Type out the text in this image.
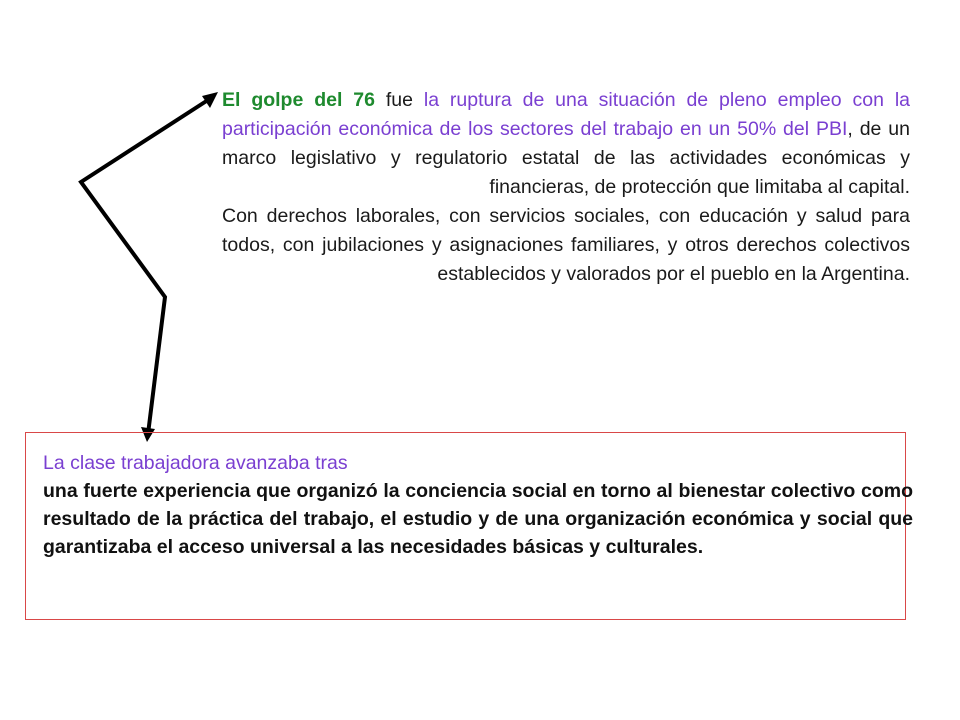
El golpe del 76 fue la ruptura de una situación de pleno empleo con la participación económica de los sectores del trabajo en un 50% del PBI, de un marco legislativo y regulatorio estatal de las actividades económicas y financieras, de protección que limitaba al capital.

Con derechos laborales, con servicios sociales, con educación y salud para todos, con jubilaciones y asignaciones familiares, y otros derechos colectivos establecidos y valorados por el pueblo en la Argentina.

La clase trabajadora avanzaba tras

una fuerte experiencia que organizó la conciencia social en torno al bienestar colectivo como resultado de la práctica del trabajo, el estudio y de una organización económica y social que garantizaba el acceso universal a las necesidades básicas y culturales.
